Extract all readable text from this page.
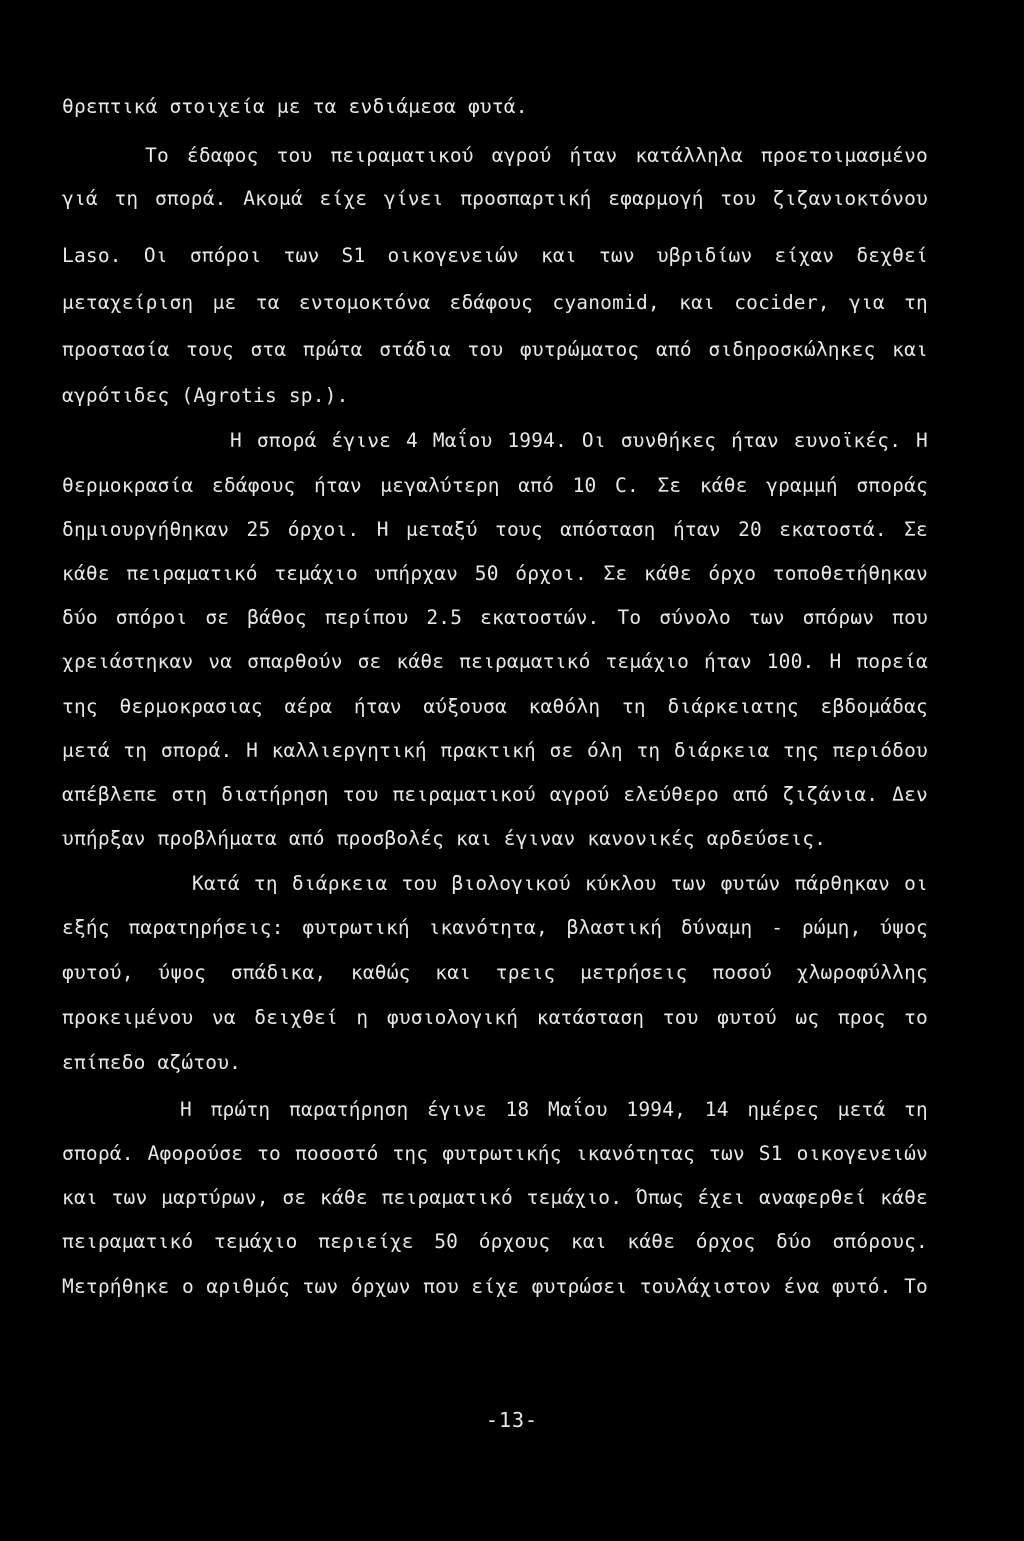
θρεπτικά στοιχεία με τα ενδιάμεσα φυτά.
Το έδαφος του πειραματικού αγρού ήταν κατάλληλα προετοιμασμένο
γιά τη σπορά. Ακομά είχε γίνει προσπαρτική εφαρμογή του ζιζανιοκτόνου
Laso. Οι σπόροι των S1 οικογενειών και των υβριδίων είχαν δεχθεί
μεταχείριση με τα εντομοκτόνα εδάφους cyanomid, και cocider, για τη
προστασία τους στα πρώτα στάδια του φυτρώματος από σιδηροσκώληκες και
αγρότιδες (Agrotis sp.).
Η σπορά έγινε 4 Μαΐου 1994. Οι συνθήκες ήταν ευνοϊκές. Η
θερμοκρασία εδάφους ήταν μεγαλύτερη από 10 C. Σε κάθε γραμμή σποράς
δημιουργήθηκαν 25 όρχοι. Η μεταξύ τους απόσταση ήταν 20 εκατοστά. Σε
κάθε πειραματικό τεμάχιο υπήρχαν 50 όρχοι. Σε κάθε όρχο τοποθετήθηκαν
δύο σπόροι σε βάθος περίπου 2.5 εκατοστών. Το σύνολο των σπόρων που
χρειάστηκαν να σπαρθούν σε κάθε πειραματικό τεμάχιο ήταν 100. Η πορεία
της θερμοκρασιας αέρα ήταν αύξουσα καθόλη τη διάρκειατης εβδομάδας
μετά τη σπορά. Η καλλιεργητική πρακτική σε όλη τη διάρκεια της περιόδου
απέβλεπε στη διατήρηση του πειραματικού αγρού ελεύθερο από ζιζάνια. Δεν
υπήρξαν προβλήματα από προσβολές και έγιναν κανονικές αρδεύσεις.
Κατά τη διάρκεια του βιολογικού κύκλου των φυτών πάρθηκαν οι
εξής παρατηρήσεις: φυτρωτική ικανότητα, βλαστική δύναμη - ρώμη, ύψος
φυτού, ύψος σπάδικα, καθώς και τρεις μετρήσεις ποσού χλωροφύλλης
προκειμένου να δειχθεί η φυσιολογική κατάσταση του φυτού ως προς το
επίπεδο αζώτου.
Η πρώτη παρατήρηση έγινε 18 Μαΐου 1994, 14 ημέρες μετά τη
σπορά. Αφορούσε το ποσοστό της φυτρωτικής ικανότητας των S1 οικογενειών
και των μαρτύρων, σε κάθε πειραματικό τεμάχιο. Όπως έχει αναφερθεί κάθε
πειραματικό τεμάχιο περιείχε 50 όρχους και κάθε όρχος δύο σπόρους.
Μετρήθηκε ο αριθμός των όρχων που είχε φυτρώσει τουλάχιστον ένα φυτό. Το
-13-
